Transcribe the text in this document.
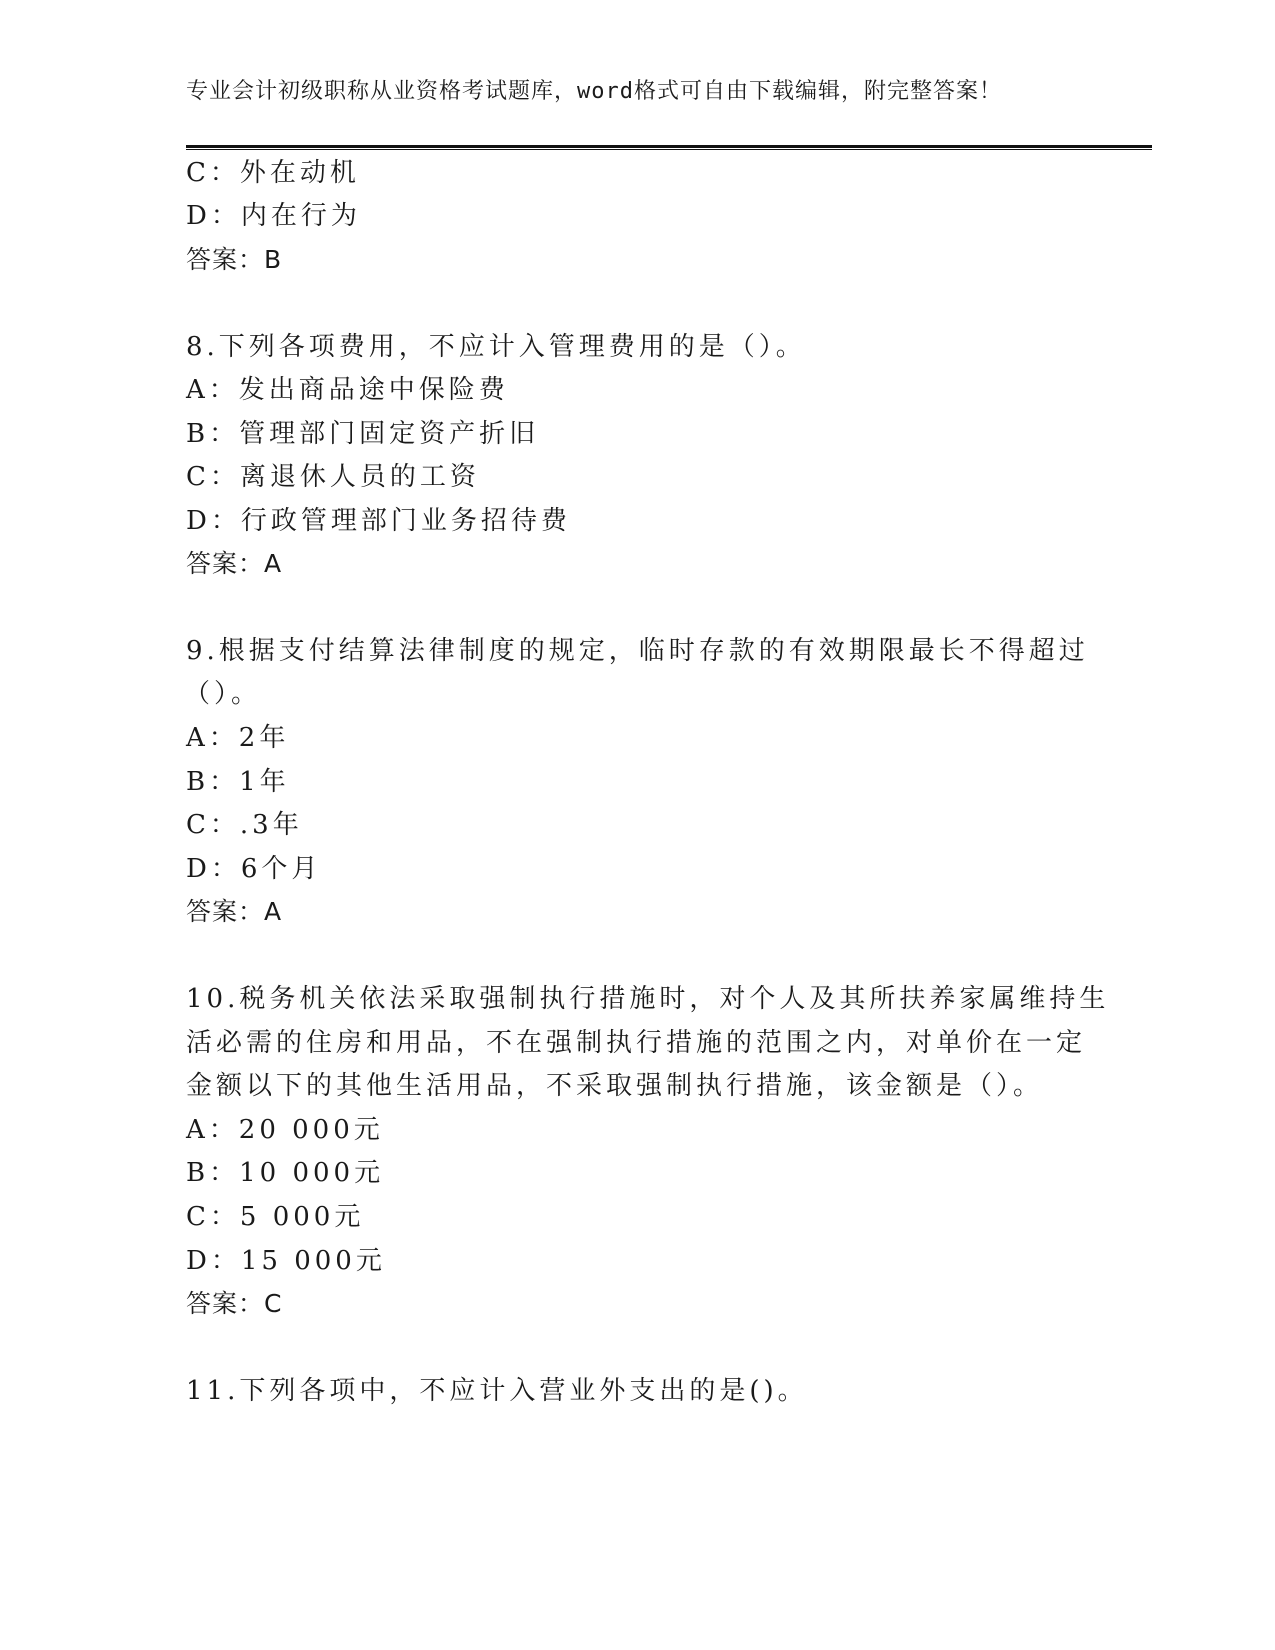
专业会计初级职称从业资格考试题库，word格式可自由下载编辑，附完整答案！
C：外在动机
D：内在行为
答案：B
8.下列各项费用，不应计入管理费用的是（）。
A：发出商品途中保险费
B：管理部门固定资产折旧
C：离退休人员的工资
D：行政管理部门业务招待费
答案：A
9.根据支付结算法律制度的规定，临时存款的有效期限最长不得超过
（）。
A：2年
B：1年
C：.3年
D：6个月
答案：A
10.税务机关依法采取强制执行措施时，对个人及其所扶养家属维持生
活必需的住房和用品，不在强制执行措施的范围之内，对单价在一定
金额以下的其他生活用品，不采取强制执行措施，该金额是（）。
A：20 000元
B：10 000元
C：5 000元
D：15 000元
答案：C
11.下列各项中，不应计入营业外支出的是()。
